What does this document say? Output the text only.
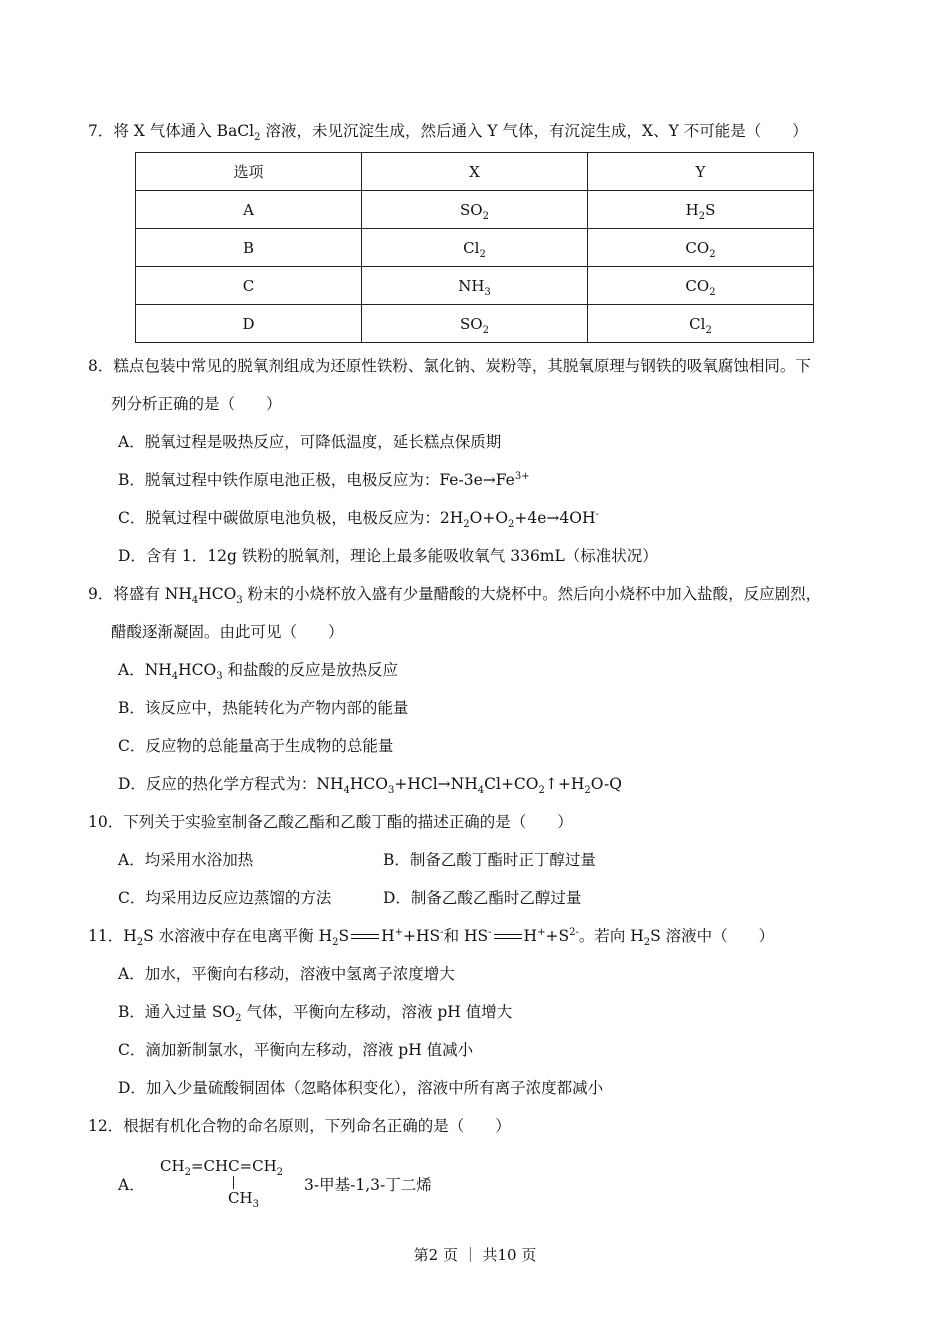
7．将 X 气体通入 BaCl$_2$ 溶液，未见沉淀生成，然后通入 Y 气体，有沉淀生成，X、Y 不可能是（　　）
选项	X	Y
A	$SO_2$	$H_2S$
B	$Cl_2$	$CO_2$
C	$NH_3$	$CO_2$
D	$SO_2$	$Cl_2$
8．糕点包装中常见的脱氧剂组成为还原性铁粉、氯化钠、炭粉等，其脱氧原理与钢铁的吸氧腐蚀相同。下
列分析正确的是（　　）
A．脱氧过程是吸热反应，可降低温度，延长糕点保质期
B．脱氧过程中铁作原电池正极，电极反应为：$Fe-3e\to Fe^{3+}$
C．脱氧过程中碳做原电池负极，电极反应为：$2H_2O+O_2+4e\to 4OH^-$
D．含有 1．12g 铁粉的脱氧剂，理论上最多能吸收氧气 336mL（标准状况）
9．将盛有 $NH_4HCO_3$ 粉末的小烧杯放入盛有少量醋酸的大烧杯中。然后向小烧杯中加入盐酸，反应剧烈，
醋酸逐渐凝固。由此可见（　　）
A．$NH_4HCO_3$ 和盐酸的反应是放热反应
B．该反应中，热能转化为产物内部的能量
C．反应物的总能量高于生成物的总能量
D．反应的热化学方程式为：$NH_4HCO_3+HCl\to NH_4Cl+CO_2↑+H_2O-Q$
10．下列关于实验室制备乙酸乙酯和乙酸丁酯的描述正确的是（　　）
A．均采用水浴加热	B．制备乙酸丁酯时正丁醇过量
C．均采用边反应边蒸馏的方法	D．制备乙酸乙酯时乙醇过量
11．$H_2S$ 水溶液中存在电离平衡 $H_2S$ H++HS-和 HS- $H^++S^{2-}$。若向 $H_2S$ 溶液中（　　）
A．加水，平衡向右移动，溶液中氢离子浓度增大
B．通入过量 $SO_2$ 气体，平衡向左移动，溶液 pH 值增大
C．滴加新制氯水，平衡向左移动，溶液 pH 值减小
D．加入少量硫酸铜固体（忽略体积变化），溶液中所有离子浓度都减小
12．根据有机化合物的命名原则，下列命名正确的是（　　）
A．
$CH_2=CHC=CH_2$
$CH_3$
3-甲基-1,3-丁二烯
第2 页 ｜ 共10 页
